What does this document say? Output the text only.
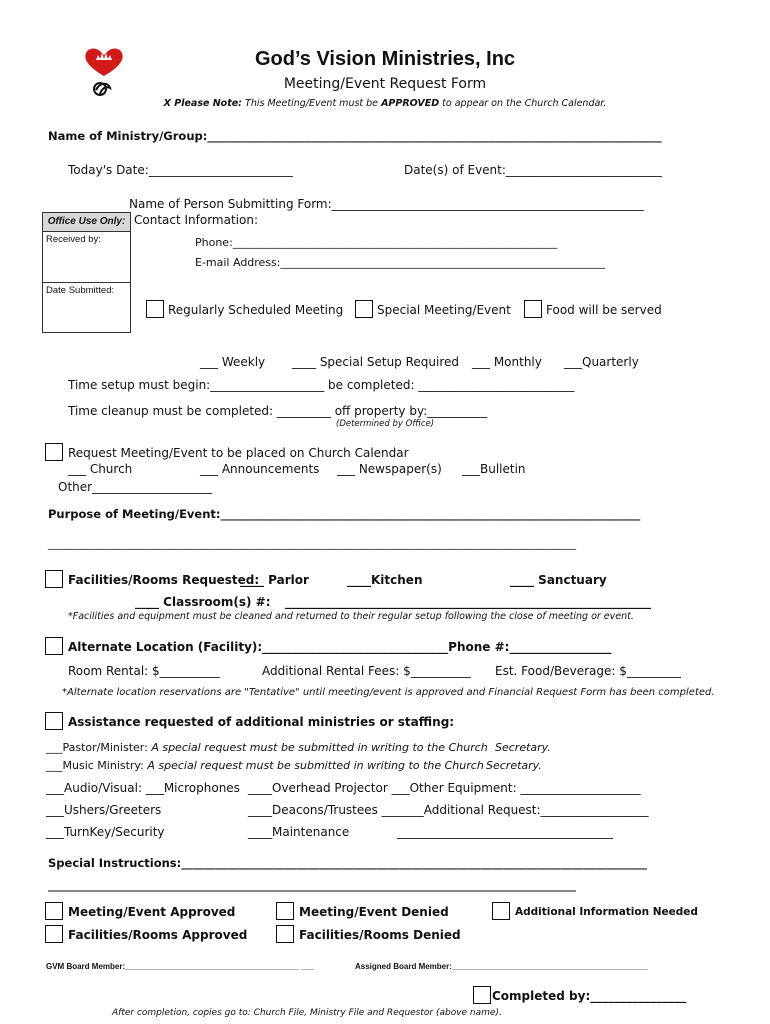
God’s Vision Ministries, Inc
Meeting/Event Request Form
X Please Note: This Meeting/Event must be APPROVED to appear on the Church Calendar.
Name of Ministry/Group:_______________________________________________________________________________
Today's Date:________________________	Date(s) of Event:__________________________
Name of Person Submitting Form:____________________________________________________
Contact Information:
Phone:___________________________________________________________
E-mail Address:___________________________________________________________
Office Use Only:
Received by:
Date Submitted:
Regularly Scheduled Meeting	Special Meeting/Event	Food will be served
___ Weekly ____ Special Setup Required ___ Monthly ___Quarterly
Time setup must begin:___________________ be completed: __________________________
Time cleanup must be completed: _________ off property by:__________
(Determined by Office)
Request Meeting/Event to be placed on Church Calendar
___ Church	___ Announcements ___ Newspaper(s) ___Bulletin
Other____________________
Purpose of Meeting/Event:_________________________________________________________________________
________________________________________________________________________________________________
Facilities/Rooms Requested:
____ Parlor	____Kitchen	____ Sanctuary
____ Classroom(s) #: _____________________________________________________________
*Facilities and equipment must be cleaned and returned to their regular setup following the close of meeting or event.
Alternate Location (Facility):_______________________________Phone #:_________________
Room Rental: $__________	Additional Rental Fees: $__________ Est. Food/Beverage: $_________
*Alternate location reservations are "Tentative" until meeting/event is approved and Financial Request Form has been completed.
Assistance requested of additional ministries or staffing:
___Pastor/Minister: A special request must be submitted in writing to the Church Secretary.
___Music Ministry: A special request must be submitted in writing to the Church Secretary.
___Audio/Visual: ___Microphones ____Overhead Projector ___Other Equipment: ____________________
___Ushers/Greeters	____Deacons/Trustees _______Additional Request:__________________
___TurnKey/Security	____Maintenance	____________________________________
Special Instructions:_________________________________________________________________________________
________________________________________________________________________________________________
Meeting/Event Approved	Meeting/Event Denied	Additional Information Needed
Facilities/Rooms Approved	Facilities/Rooms Denied
GVM Board Member:_______________________________________ ___	Assigned Board Member:____________________________________________
Completed by:________________
After completion, copies go to: Church File, Ministry File and Requestor (above name).
